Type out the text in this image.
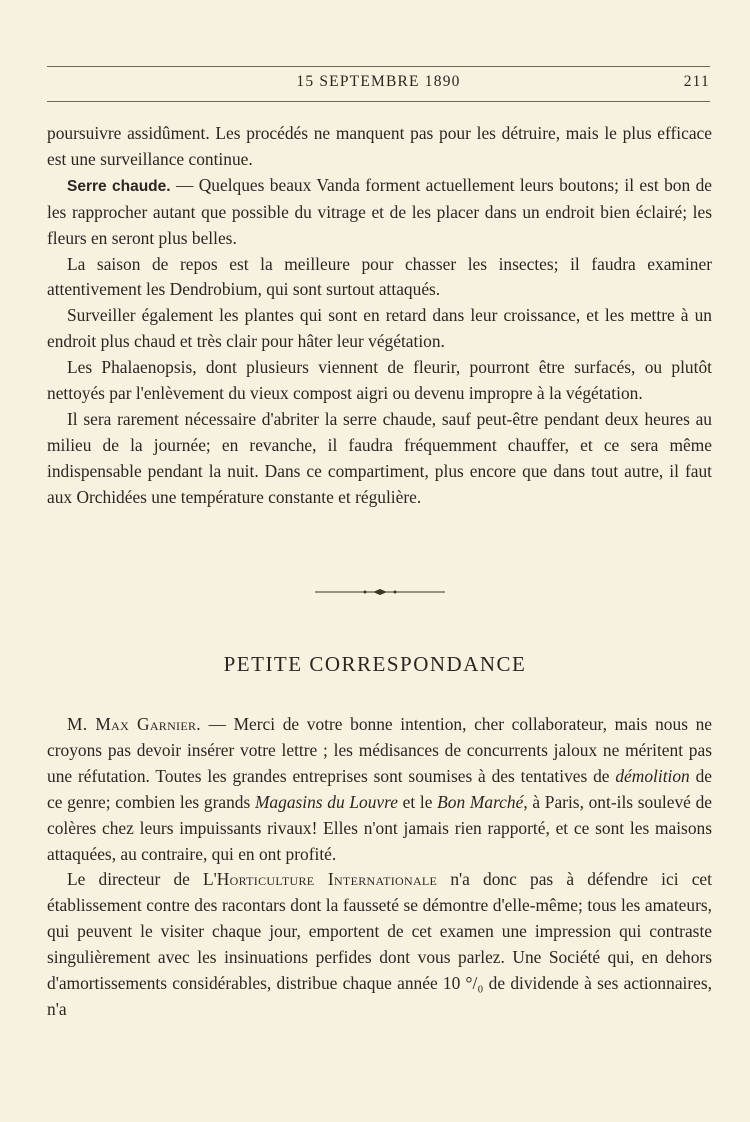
15 SEPTEMBRE 1890	211

poursuivre assidûment. Les procédés ne manquent pas pour les détruire, mais le plus efficace est une surveillance continue.

Serre chaude. — Quelques beaux Vanda forment actuellement leurs boutons; il est bon de les rapprocher autant que possible du vitrage et de les placer dans un endroit bien éclairé; les fleurs en seront plus belles.

La saison de repos est la meilleure pour chasser les insectes; il faudra examiner attentivement les Dendrobium, qui sont surtout attaqués.

Surveiller également les plantes qui sont en retard dans leur croissance, et les mettre à un endroit plus chaud et très clair pour hâter leur végétation.

Les Phalaenopsis, dont plusieurs viennent de fleurir, pourront être surfacés, ou plutôt nettoyés par l'enlèvement du vieux compost aigri ou devenu impropre à la végétation.

Il sera rarement nécessaire d'abriter la serre chaude, sauf peut-être pendant deux heures au milieu de la journée; en revanche, il faudra fréquemment chauffer, et ce sera même indispensable pendant la nuit. Dans ce compartiment, plus encore que dans tout autre, il faut aux Orchidées une température constante et régulière.

PETITE CORRESPONDANCE

M. Max Garnier. — Merci de votre bonne intention, cher collaborateur, mais nous ne croyons pas devoir insérer votre lettre ; les médisances de concurrents jaloux ne méritent pas une réfutation. Toutes les grandes entreprises sont soumises à des tentatives de démolition de ce genre; combien les grands Magasins du Louvre et le Bon Marché, à Paris, ont-ils soulevé de colères chez leurs impuissants rivaux! Elles n'ont jamais rien rapporté, et ce sont les maisons attaquées, au contraire, qui en ont profité.

Le directeur de L'Horticulture Internationale n'a donc pas à défendre ici cet établissement contre des racontars dont la fausseté se démontre d'elle-même; tous les amateurs, qui peuvent le visiter chaque jour, emportent de cet examen une impression qui contraste singulièrement avec les insinuations perfides dont vous parlez. Une Société qui, en dehors d'amortissements considérables, distribue chaque année 10 °/₀ de dividende à ses actionnaires, n'a
